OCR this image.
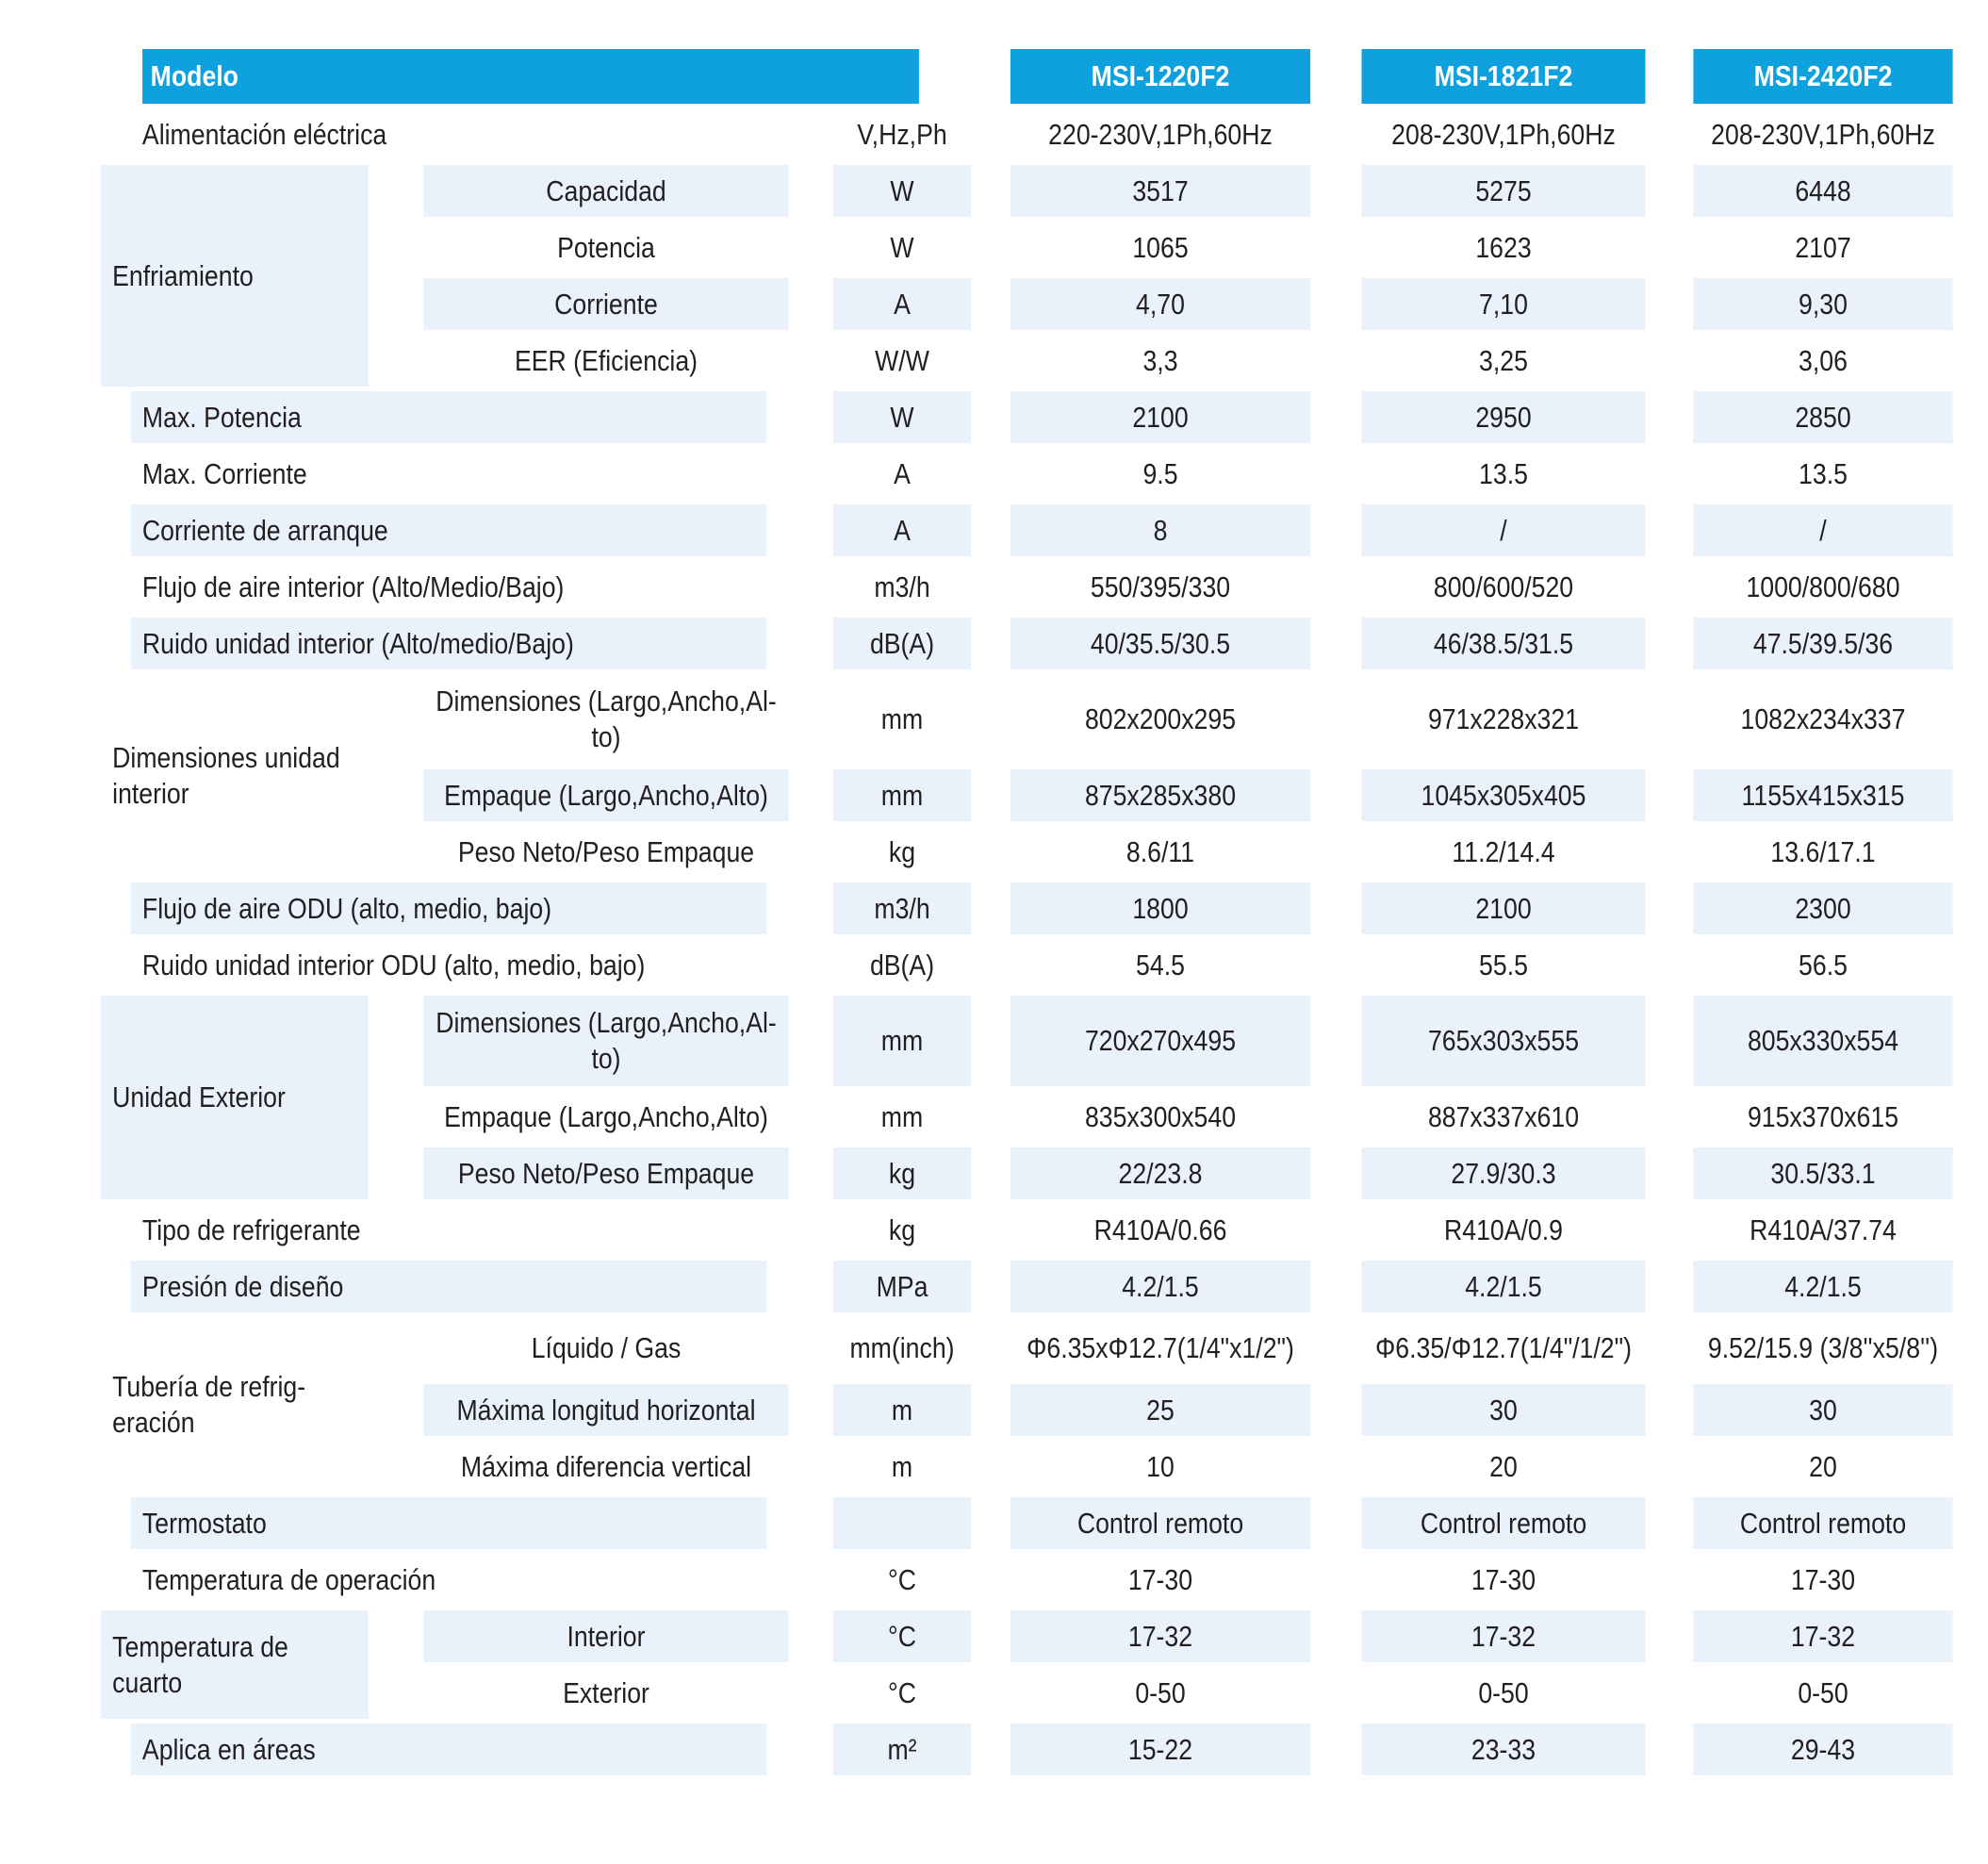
Modelo			MSI-1220F2	MSI-1821F2	MSI-2420F2
Alimentación eléctrica		V,Hz,Ph	220-230V,1Ph,60Hz	208-230V,1Ph,60Hz	208-230V,1Ph,60Hz
Enfriamiento	Capacidad	W	3517	5275	6448
	Potencia	W	1065	1623	2107
	Corriente	A	4,70	7,10	9,30
	EER (Eficiencia)	W/W	3,3	3,25	3,06
Max. Potencia		W	2100	2950	2850
Max. Corriente		A	9.5	13.5	13.5
Corriente de arranque		A	8	/	/
Flujo de aire interior (Alto/Medio/Bajo)		m3/h	550/395/330	800/600/520	1000/800/680
Ruido unidad interior (Alto/medio/Bajo)		dB(A)	40/35.5/30.5	46/38.5/31.5	47.5/39.5/36
Dimensiones unidad interior	Dimensiones (Largo,Ancho,Al-to)	mm	802x200x295	971x228x321	1082x234x337
	Empaque (Largo,Ancho,Alto)	mm	875x285x380	1045x305x405	1155x415x315
	Peso Neto/Peso Empaque	kg	8.6/11	11.2/14.4	13.6/17.1
Flujo de aire ODU (alto, medio, bajo)		m3/h	1800	2100	2300
Ruido unidad interior ODU (alto, medio, bajo)		dB(A)	54.5	55.5	56.5
Unidad Exterior	Dimensiones (Largo,Ancho,Al-to)	mm	720x270x495	765x303x555	805x330x554
	Empaque (Largo,Ancho,Alto)	mm	835x300x540	887x337x610	915x370x615
	Peso Neto/Peso Empaque	kg	22/23.8	27.9/30.3	30.5/33.1
Tipo de refrigerante		kg	R410A/0.66	R410A/0.9	R410A/37.74
Presión de diseño		MPa	4.2/1.5	4.2/1.5	4.2/1.5
Tubería de refrig-eración	Líquido / Gas	mm(inch)	Φ6.35xΦ12.7(1/4"x1/2")	Φ6.35/Φ12.7(1/4"/1/2")	9.52/15.9 (3/8''x5/8'')
	Máxima longitud horizontal	m	25	30	30
	Máxima diferencia vertical	m	10	20	20
Termostato			Control remoto	Control remoto	Control remoto
Temperatura de operación		°C	17-30	17-30	17-30
Temperatura de cuarto	Interior	°C	17-32	17-32	17-32
	Exterior	°C	0-50	0-50	0-50
Aplica en áreas		m²	15-22	23-33	29-43
